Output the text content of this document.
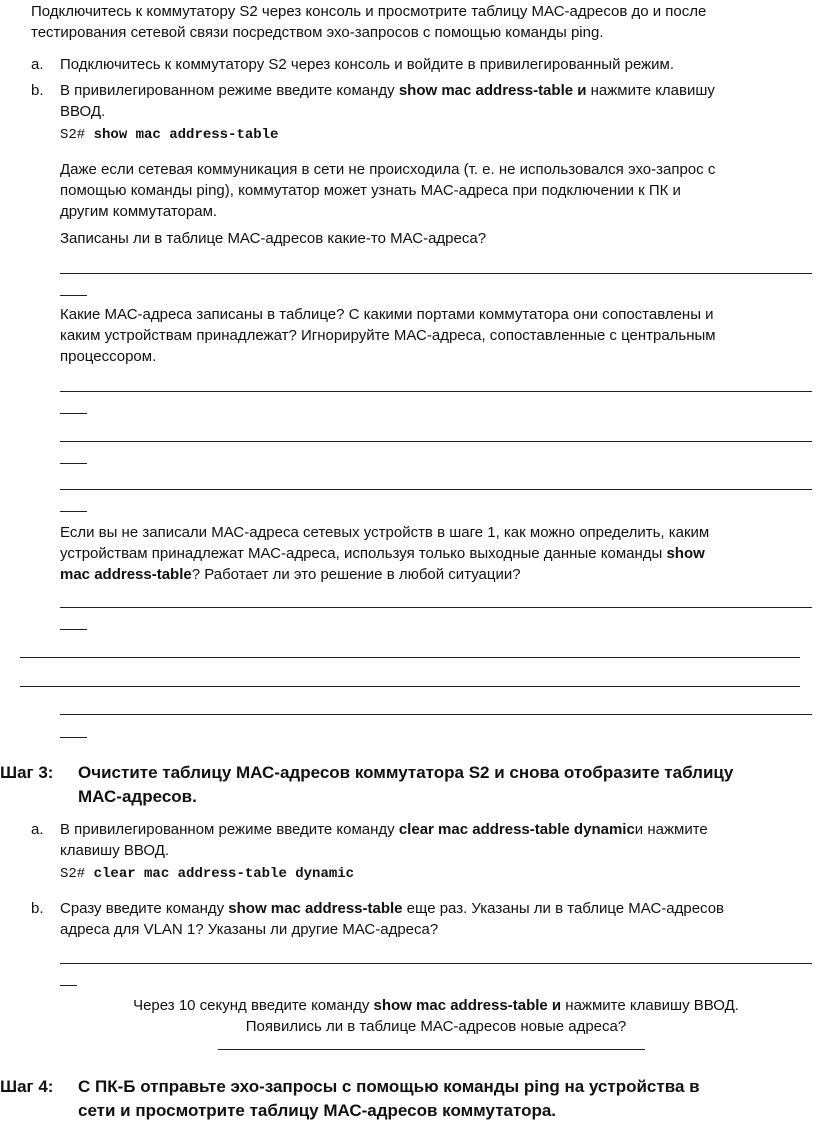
Подключитесь к коммутатору S2 через консоль и просмотрите таблицу МАС-адресов до и после
тестирования сетевой связи посредством эхо-запросов с помощью команды ping.
a. Подключитесь к коммутатору S2 через консоль и войдите в привилегированный режим.
b. В привилегированном режиме введите команду show mac address-table и нажмите клавишу
ВВОД.
S2# show mac address-table
Даже если сетевая коммуникация в сети не происходила (т. е. не использовался эхо-запрос с
помощью команды ping), коммутатор может узнать МАС-адреса при подключении к ПК и
другим коммутаторам.
Записаны ли в таблице МАС-адресов какие-то МАС-адреса?
Какие МАС-адреса записаны в таблице? С какими портами коммутатора они сопоставлены и
каким устройствам принадлежат? Игнорируйте МАС-адреса, сопоставленные с центральным
процессором.
Если вы не записали МАС-адреса сетевых устройств в шаге 1, как можно определить, каким
устройствам принадлежат МАС-адреса, используя только выходные данные команды show
mac address-table? Работает ли это решение в любой ситуации?
Шаг 3: Очистите таблицу МАС-адресов коммутатора S2 и снова отобразите таблицу
МАС-адресов.
a. В привилегированном режиме введите команду clear mac address-table dynamicи нажмите
клавишу ВВОД.
S2# clear mac address-table dynamic
b. Сразу введите команду show mac address-table еще раз. Указаны ли в таблице МАС-адресов
адреса для VLAN 1? Указаны ли другие МАС-адреса?
Через 10 секунд введите команду show mac address-table и нажмите клавишу ВВОД.
Появились ли в таблице МАС-адресов новые адреса?
Шаг 4: С ПК-Б отправьте эхо-запросы с помощью команды ping на устройства в
сети и просмотрите таблицу МАС-адресов коммутатора.
